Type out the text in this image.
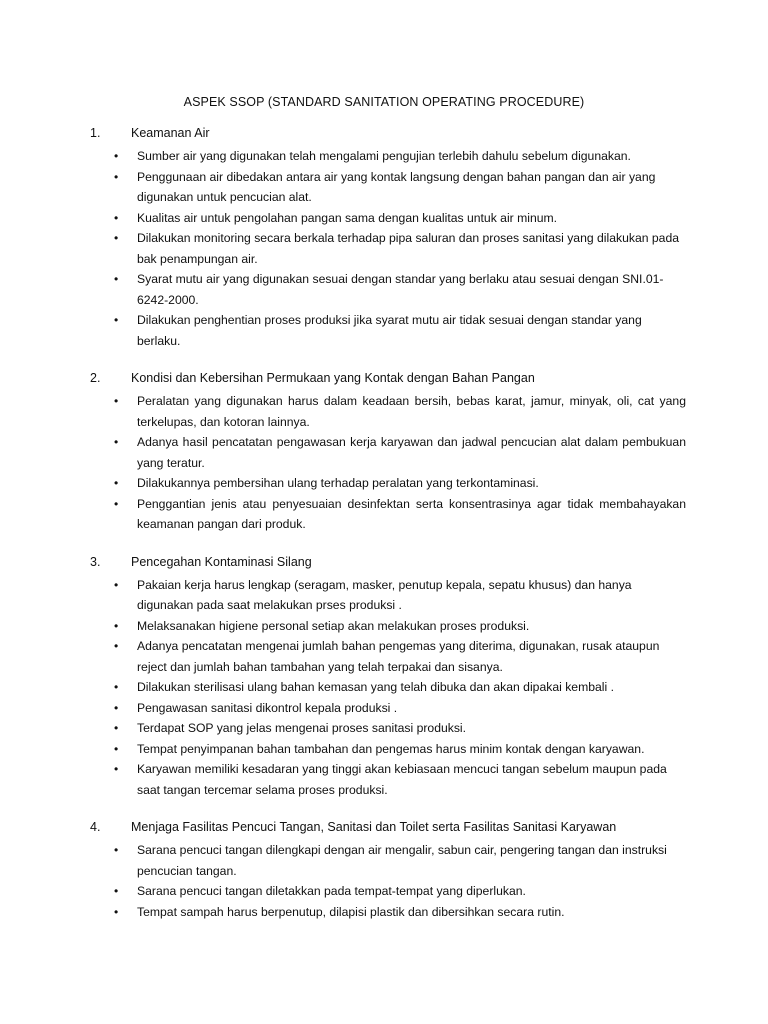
ASPEK SSOP (STANDARD SANITATION OPERATING PROCEDURE)
1.	Keamanan Air
•	Sumber air yang digunakan telah mengalami pengujian terlebih dahulu sebelum digunakan.
•	Penggunaan air dibedakan antara air yang kontak langsung dengan bahan pangan dan air yang digunakan untuk pencucian alat.
•	Kualitas air untuk pengolahan pangan sama dengan kualitas untuk air minum.
•	Dilakukan monitoring secara berkala terhadap pipa saluran dan proses sanitasi yang dilakukan pada bak penampungan air.
•	Syarat mutu air yang digunakan sesuai dengan standar yang berlaku atau sesuai dengan SNI.01-6242-2000.
•	Dilakukan penghentian proses produksi jika syarat mutu air tidak sesuai dengan standar yang berlaku.
2.	Kondisi dan Kebersihan Permukaan yang Kontak dengan Bahan Pangan
•	Peralatan yang digunakan harus dalam keadaan bersih, bebas karat, jamur, minyak, oli, cat yang terkelupas, dan kotoran lainnya.
•	Adanya hasil pencatatan pengawasan kerja karyawan dan jadwal pencucian alat dalam pembukuan yang teratur.
•	Dilakukannya pembersihan ulang terhadap peralatan yang terkontaminasi.
•	Penggantian jenis atau penyesuaian desinfektan serta konsentrasinya agar tidak membahayakan keamanan pangan dari produk.
3.	Pencegahan Kontaminasi Silang
•	Pakaian kerja harus lengkap (seragam, masker, penutup kepala, sepatu khusus) dan hanya digunakan pada saat melakukan prses produksi .
•	Melaksanakan higiene personal setiap akan melakukan proses produksi.
•	Adanya pencatatan mengenai jumlah bahan pengemas yang diterima, digunakan, rusak ataupun reject dan jumlah bahan tambahan yang telah terpakai dan sisanya.
•	Dilakukan sterilisasi ulang bahan kemasan yang telah dibuka dan akan dipakai kembali .
•	Pengawasan sanitasi dikontrol kepala produksi .
•	Terdapat SOP yang jelas mengenai proses sanitasi produksi.
•	Tempat penyimpanan bahan tambahan dan pengemas harus minim kontak dengan karyawan.
•	Karyawan memiliki kesadaran yang tinggi akan kebiasaan mencuci tangan sebelum maupun pada saat tangan tercemar selama proses produksi.
4.	Menjaga Fasilitas Pencuci Tangan, Sanitasi dan Toilet serta Fasilitas Sanitasi Karyawan
•	Sarana pencuci tangan dilengkapi dengan air mengalir, sabun cair, pengering tangan dan instruksi pencucian tangan.
•	Sarana pencuci tangan diletakkan pada tempat-tempat yang diperlukan.
•	Tempat sampah harus berpenutup, dilapisi plastik dan dibersihkan secara rutin.
